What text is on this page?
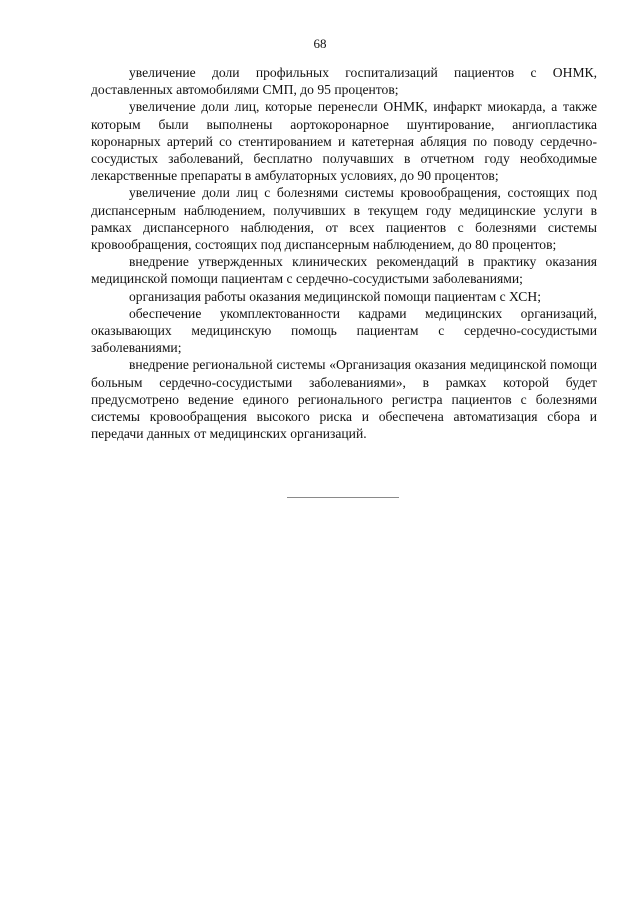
68

увеличение доли профильных госпитализаций пациентов с ОНМК, доставленных автомобилями СМП, до 95 процентов;

увеличение доли лиц, которые перенесли ОНМК, инфаркт миокарда, а также которым были выполнены аортокоронарное шунтирование, ангиопластика коронарных артерий со стентированием и катетерная абляция по поводу сердечно-сосудистых заболеваний, бесплатно получавших в отчетном году необходимые лекарственные препараты в амбулаторных условиях, до 90 процентов;

увеличение доли лиц с болезнями системы кровообращения, состоящих под диспансерным наблюдением, получивших в текущем году медицинские услуги в рамках диспансерного наблюдения, от всех пациентов с болезнями системы кровообращения, состоящих под диспансерным наблюдением, до 80 процентов;

внедрение утвержденных клинических рекомендаций в практику оказания медицинской помощи пациентам с сердечно-сосудистыми заболеваниями;

организация работы оказания медицинской помощи пациентам с ХСН;

обеспечение укомплектованности кадрами медицинских организаций, оказывающих медицинскую помощь пациентам с сердечно-сосудистыми заболеваниями;

внедрение региональной системы «Организация оказания медицинской помощи больным сердечно-сосудистыми заболеваниями», в рамках которой будет предусмотрено ведение единого регионального регистра пациентов с болезнями системы кровообращения высокого риска и обеспечена автоматизация сбора и передачи данных от медицинских организаций.
